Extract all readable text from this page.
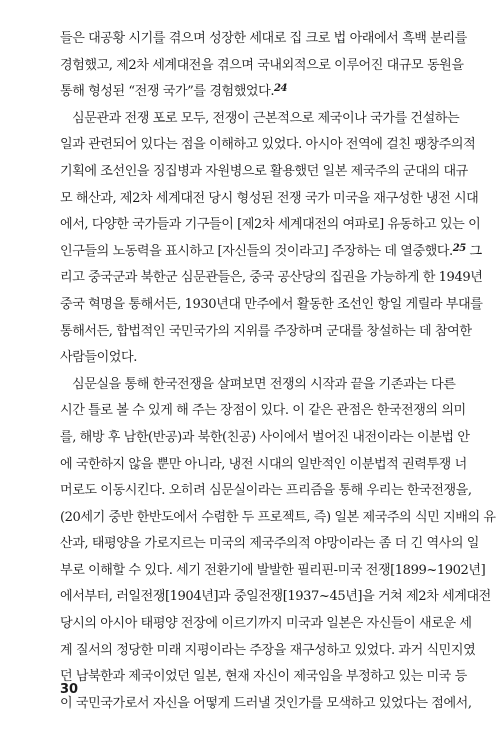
들은 대공황 시기를 겪으며 성장한 세대로 집 크로 법 아래에서 흑백 분리를
경험했고, 제2차 세계대전을 겪으며 국내외적으로 이루어진 대규모 동원을
통해 형성된 “전쟁 국가”를 경험했었다.$^{24}$
심문관과 전쟁 포로 모두, 전쟁이 근본적으로 제국이나 국가를 건설하는
일과 관련되어 있다는 점을 이해하고 있었다. 아시아 전역에 걸친 팽창주의적
기획에 조선인을 징집병과 자원병으로 활용했던 일본 제국주의 군대의 대규
모 해산과, 제2차 세계대전 당시 형성된 전쟁 국가 미국을 재구성한 냉전 시대
에서, 다양한 국가들과 기구들이 [제2차 세계대전의 여파로] 유동하고 있는 이
인구들의 노동력을 표시하고 [자신들의 것이라고] 주장하는 데 열중했다.$^{25}$ 그
리고 중국군과 북한군 심문관들은, 중국 공산당의 집권을 가능하게 한 1949년
중국 혁명을 통해서든, 1930년대 만주에서 활동한 조선인 항일 게릴라 부대를
통해서든, 합법적인 국민국가의 지위를 주장하며 군대를 창설하는 데 참여한
사람들이었다.
심문실을 통해 한국전쟁을 살펴보면 전쟁의 시작과 끝을 기존과는 다른
시간 틀로 볼 수 있게 해 주는 장점이 있다. 이 같은 관점은 한국전쟁의 의미
를, 해방 후 남한(반공)과 북한(친공) 사이에서 벌어진 내전이라는 이분법 안
에 국한하지 않을 뿐만 아니라, 냉전 시대의 일반적인 이분법적 권력투쟁 너
머로도 이동시킨다. 오히려 심문실이라는 프리즘을 통해 우리는 한국전쟁을,
(20세기 중반 한반도에서 수렴한 두 프로젝트, 즉) 일본 제국주의 식민 지배의 유
산과, 태평양을 가로지르는 미국의 제국주의적 야망이라는 좀 더 긴 역사의 일
부로 이해할 수 있다. 세기 전환기에 발발한 필리핀-미국 전쟁[1899~1902년]
에서부터, 러일전쟁[1904년]과 중일전쟁[1937~45년]을 거쳐 제2차 세계대전
당시의 아시아 태평양 전장에 이르기까지 미국과 일본은 자신들이 새로운 세
계 질서의 정당한 미래 지평이라는 주장을 재구성하고 있었다. 과거 식민지였
던 남북한과 제국이었던 일본, 현재 자신이 제국임을 부정하고 있는 미국 등
이 국민국가로서 자신을 어떻게 드러낼 것인가를 모색하고 있었다는 점에서,
30
